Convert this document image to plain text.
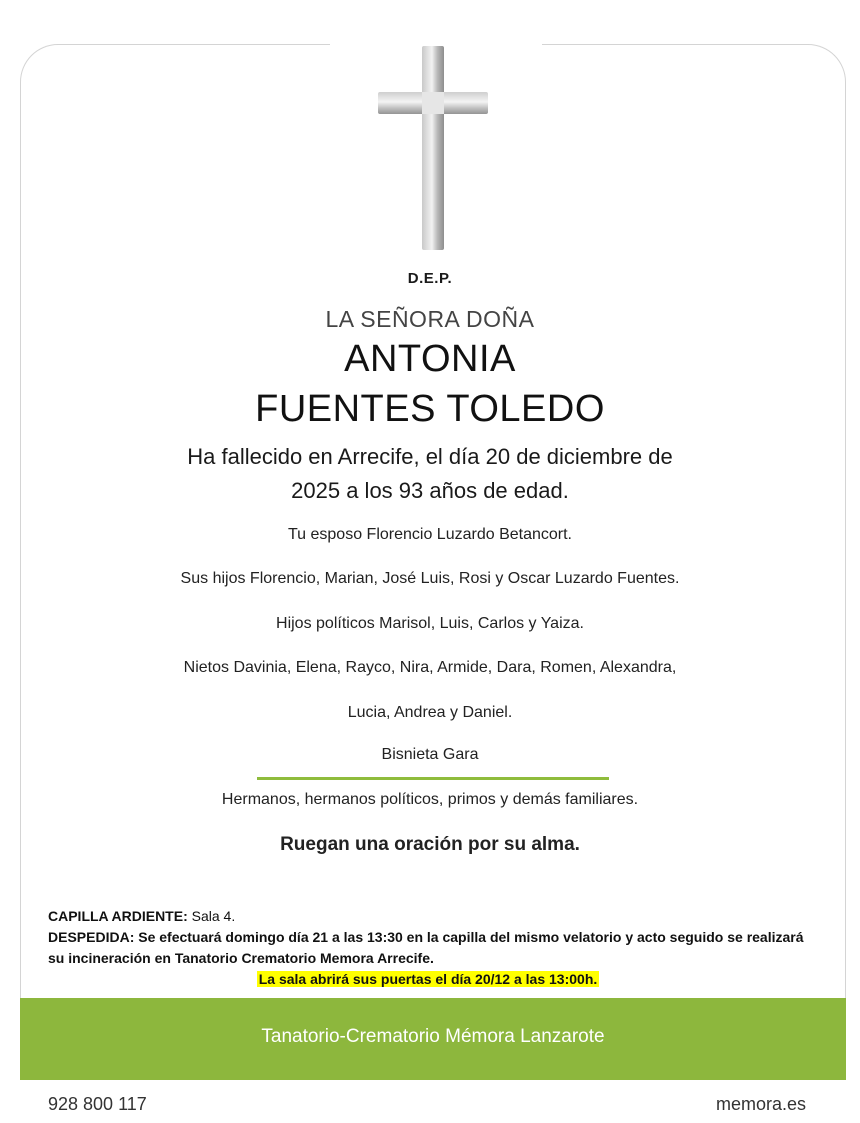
D.E.P.
LA SEÑORA DOÑA
ANTONIA
FUENTES TOLEDO
Ha fallecido en Arrecife, el día 20 de diciembre de
2025 a los 93 años de edad.
Tu esposo Florencio Luzardo Betancort.
Sus hijos Florencio, Marian, José Luis, Rosi y Oscar Luzardo Fuentes.
Hijos políticos Marisol, Luis, Carlos y Yaiza.
Nietos Davinia, Elena, Rayco, Nira, Armide, Dara, Romen, Alexandra,
Lucia, Andrea y Daniel.
Bisnieta Gara
Hermanos, hermanos políticos, primos y demás familiares.
Ruegan una oración por su alma.
CAPILLA ARDIENTE: Sala 4.
DESPEDIDA: Se efectuará domingo día 21 a las 13:30 en la capilla del mismo velatorio y acto seguido se realizará su incineración en Tanatorio Crematorio Memora Arrecife.
La sala abrirá sus puertas el día 20/12 a las 13:00h.
Tanatorio-Crematorio Mémora Lanzarote
928 800 117	memora.es
